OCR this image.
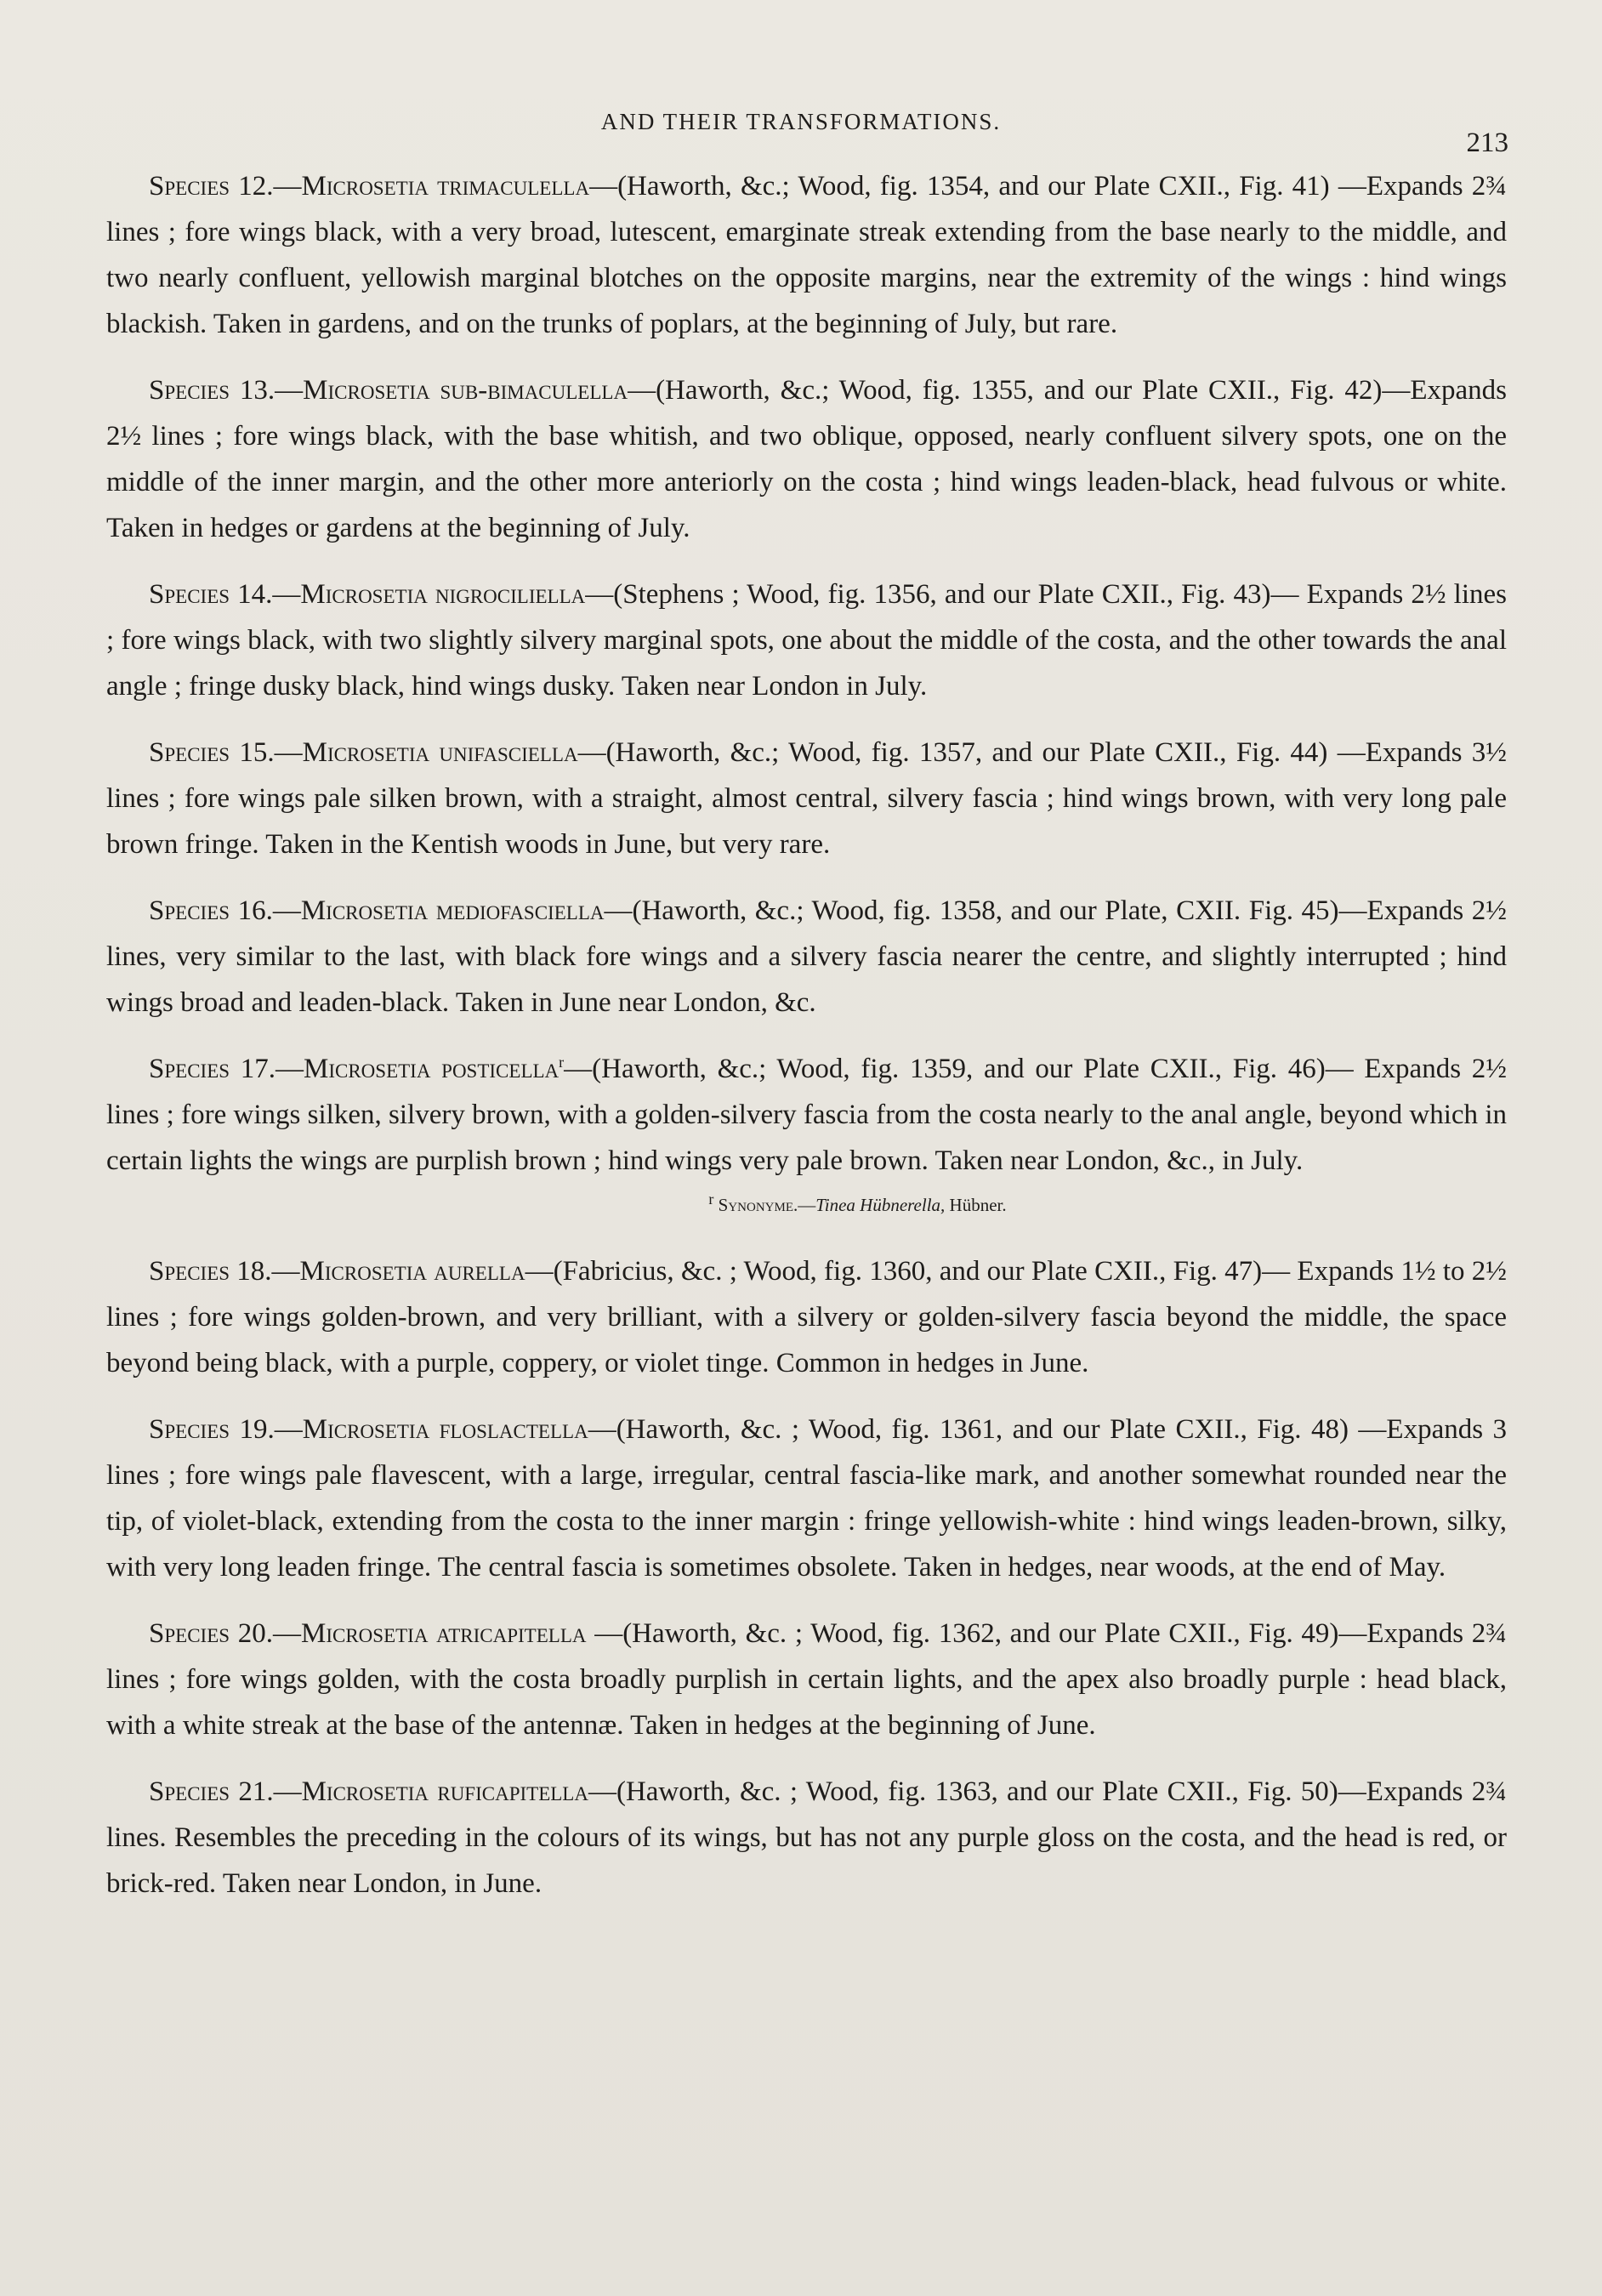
AND THEIR TRANSFORMATIONS.
213

Species 12.—Microsetia trimaculella—(Haworth, &c.; Wood, fig. 1354, and our Plate CXII., Fig. 41) —Expands 2¾ lines ; fore wings black, with a very broad, lutescent, emarginate streak extending from the base nearly to the middle, and two nearly confluent, yellowish marginal blotches on the opposite margins, near the extremity of the wings : hind wings blackish. Taken in gardens, and on the trunks of poplars, at the beginning of July, but rare.

Species 13.—Microsetia sub-bimaculella—(Haworth, &c.; Wood, fig. 1355, and our Plate CXII., Fig. 42)—Expands 2½ lines ; fore wings black, with the base whitish, and two oblique, opposed, nearly confluent silvery spots, one on the middle of the inner margin, and the other more anteriorly on the costa ; hind wings leaden-black, head fulvous or white. Taken in hedges or gardens at the beginning of July.

Species 14.—Microsetia nigrociliella—(Stephens ; Wood, fig. 1356, and our Plate CXII., Fig. 43)— Expands 2½ lines ; fore wings black, with two slightly silvery marginal spots, one about the middle of the costa, and the other towards the anal angle ; fringe dusky black, hind wings dusky. Taken near London in July.

Species 15.—Microsetia unifasciella—(Haworth, &c.; Wood, fig. 1357, and our Plate CXII., Fig. 44) —Expands 3½ lines ; fore wings pale silken brown, with a straight, almost central, silvery fascia ; hind wings brown, with very long pale brown fringe. Taken in the Kentish woods in June, but very rare.

Species 16.—Microsetia mediofasciella—(Haworth, &c.; Wood, fig. 1358, and our Plate, CXII. Fig. 45)—Expands 2½ lines, very similar to the last, with black fore wings and a silvery fascia nearer the centre, and slightly interrupted ; hind wings broad and leaden-black. Taken in June near London, &c.

Species 17.—Microsetia posticella$^r$—(Haworth, &c.; Wood, fig. 1359, and our Plate CXII., Fig. 46)— Expands 2½ lines ; fore wings silken, silvery brown, with a golden-silvery fascia from the costa nearly to the anal angle, beyond which in certain lights the wings are purplish brown ; hind wings very pale brown. Taken near London, &c., in July.

r Synonyme.—Tinea Hübnerella, Hübner.

Species 18.—Microsetia aurella—(Fabricius, &c. ; Wood, fig. 1360, and our Plate CXII., Fig. 47)— Expands 1½ to 2½ lines ; fore wings golden-brown, and very brilliant, with a silvery or golden-silvery fascia beyond the middle, the space beyond being black, with a purple, coppery, or violet tinge. Common in hedges in June.

Species 19.—Microsetia floslactella—(Haworth, &c. ; Wood, fig. 1361, and our Plate CXII., Fig. 48) —Expands 3 lines ; fore wings pale flavescent, with a large, irregular, central fascia-like mark, and another somewhat rounded near the tip, of violet-black, extending from the costa to the inner margin : fringe yellowish-white : hind wings leaden-brown, silky, with very long leaden fringe. The central fascia is sometimes obsolete. Taken in hedges, near woods, at the end of May.

Species 20.—Microsetia atricapitella —(Haworth, &c. ; Wood, fig. 1362, and our Plate CXII., Fig. 49)—Expands 2¾ lines ; fore wings golden, with the costa broadly purplish in certain lights, and the apex also broadly purple : head black, with a white streak at the base of the antennæ. Taken in hedges at the beginning of June.

Species 21.—Microsetia ruficapitella—(Haworth, &c. ; Wood, fig. 1363, and our Plate CXII., Fig. 50)—Expands 2¾ lines. Resembles the preceding in the colours of its wings, but has not any purple gloss on the costa, and the head is red, or brick-red. Taken near London, in June.
